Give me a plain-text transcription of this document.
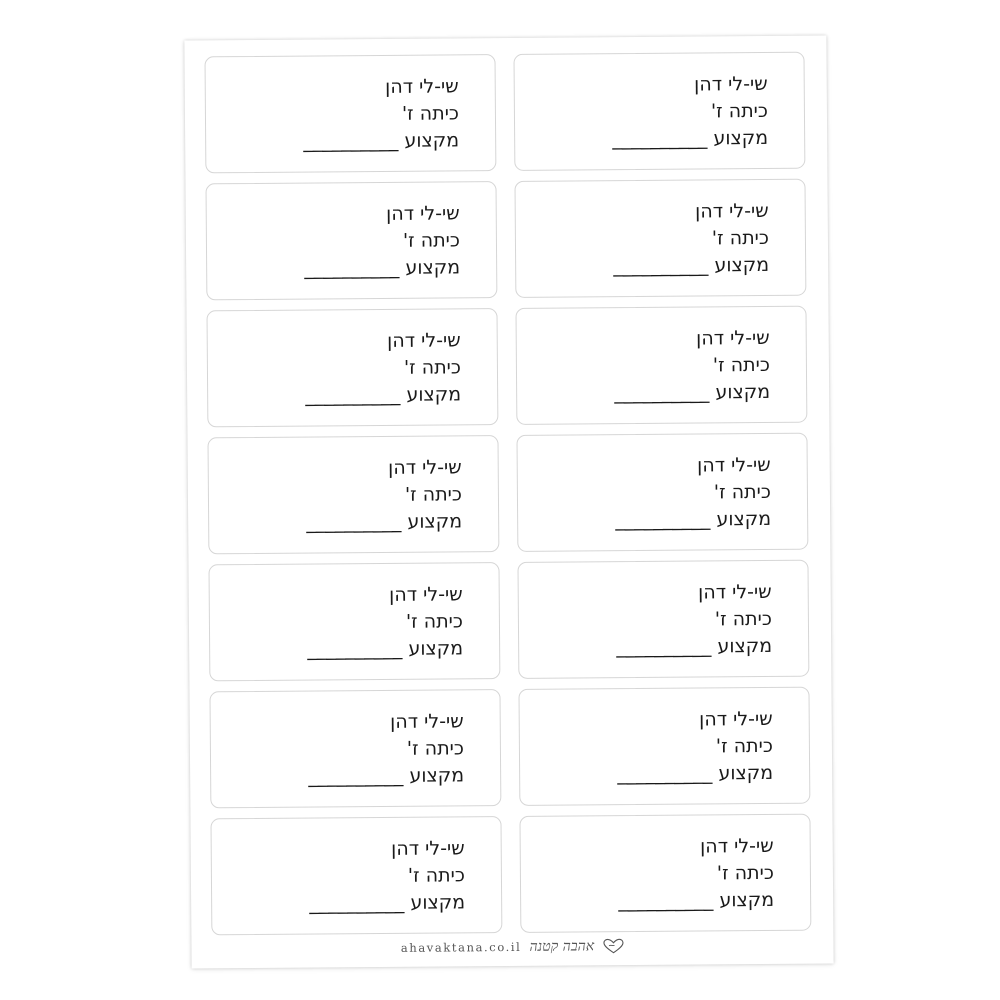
שי-לי דהן
כיתה ז'
מקצוע __________
שי-לי דהן
כיתה ז'
מקצוע __________
שי-לי דהן
כיתה ז'
מקצוע __________
שי-לי דהן
כיתה ז'
מקצוע __________
שי-לי דהן
כיתה ז'
מקצוע __________
שי-לי דהן
כיתה ז'
מקצוע __________
שי-לי דהן
כיתה ז'
מקצוע __________
שי-לי דהן
כיתה ז'
מקצוע __________
שי-לי דהן
כיתה ז'
מקצוע __________
שי-לי דהן
כיתה ז'
מקצוע __________
שי-לי דהן
כיתה ז'
מקצוע __________
שי-לי דהן
כיתה ז'
מקצוע __________
שי-לי דהן
כיתה ז'
מקצוע __________
שי-לי דהן
כיתה ז'
מקצוע __________
ahavaktana.co.il אהבה קטנה
